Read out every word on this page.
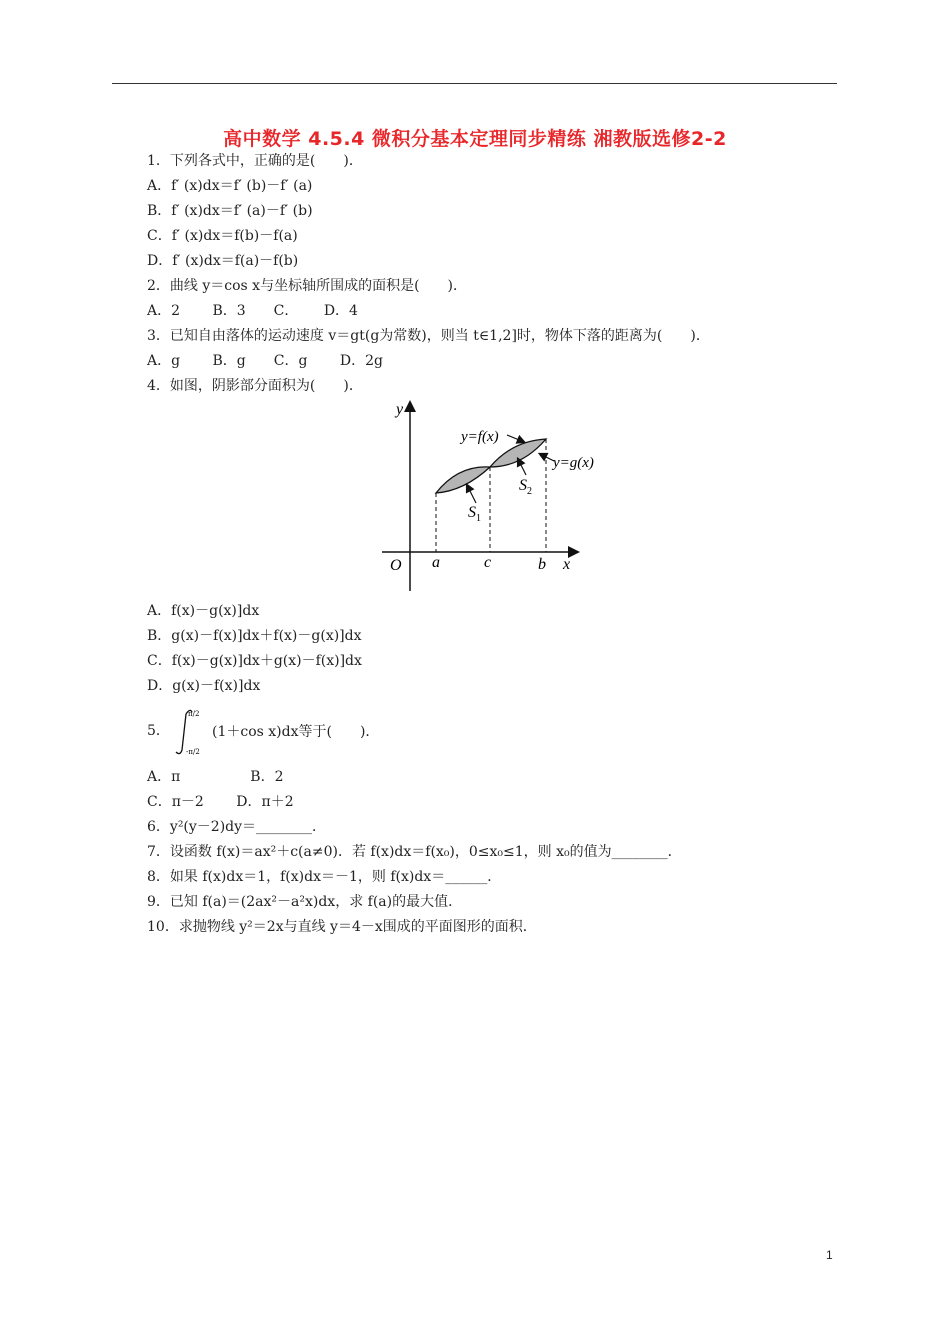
高中数学 4.5.4 微积分基本定理同步精练 湘教版选修2-2
1．下列各式中，正确的是(　　)．
A．f′ (x)dx＝f′ (b)－f′ (a)
B．f′ (x)dx＝f′ (a)－f′ (b)
C．f′ (x)dx＝f(b)－f(a)
D．f′ (x)dx＝f(a)－f(b)
2．曲线 y＝cos x与坐标轴所围成的面积是(　　)．
A．2　　 B．3　　C．　　 D．4
3．已知自由落体的运动速度 v＝gt(g为常数)，则当 t∈1,2]时，物体下落的距离为(　　)．
A．g　　 B．g　　C．g　　 D．2g
4．如图，阴影部分面积为(　　)．
A．f(x)－g(x)]dx
B．g(x)－f(x)]dx＋f(x)－g(x)]dx
C．f(x)－g(x)]dx＋g(x)－f(x)]dx
D．g(x)－f(x)]dx
5．
A．π　　　　　B．2
C．π－2　　 D．π＋2
6．y²(y－2)dy＝________．
7．设函数 f(x)＝ax²＋c(a≠0)．若 f(x)dx＝f(x₀)，0≤x₀≤1，则 x₀的值为________．
8．如果 f(x)dx＝1，f(x)dx＝－1，则 f(x)dx＝______．
9．已知 f(a)＝(2ax²－a²x)dx，求 f(a)的最大值．
10．求抛物线 y²＝2x与直线 y＝4－x围成的平面图形的面积．
y
x
O a	c	b
y=f(x)
y=g(x)
$S_1$
$S_2$
π/2
-π/2
(1＋cos x)dx等于(　　)．
1
